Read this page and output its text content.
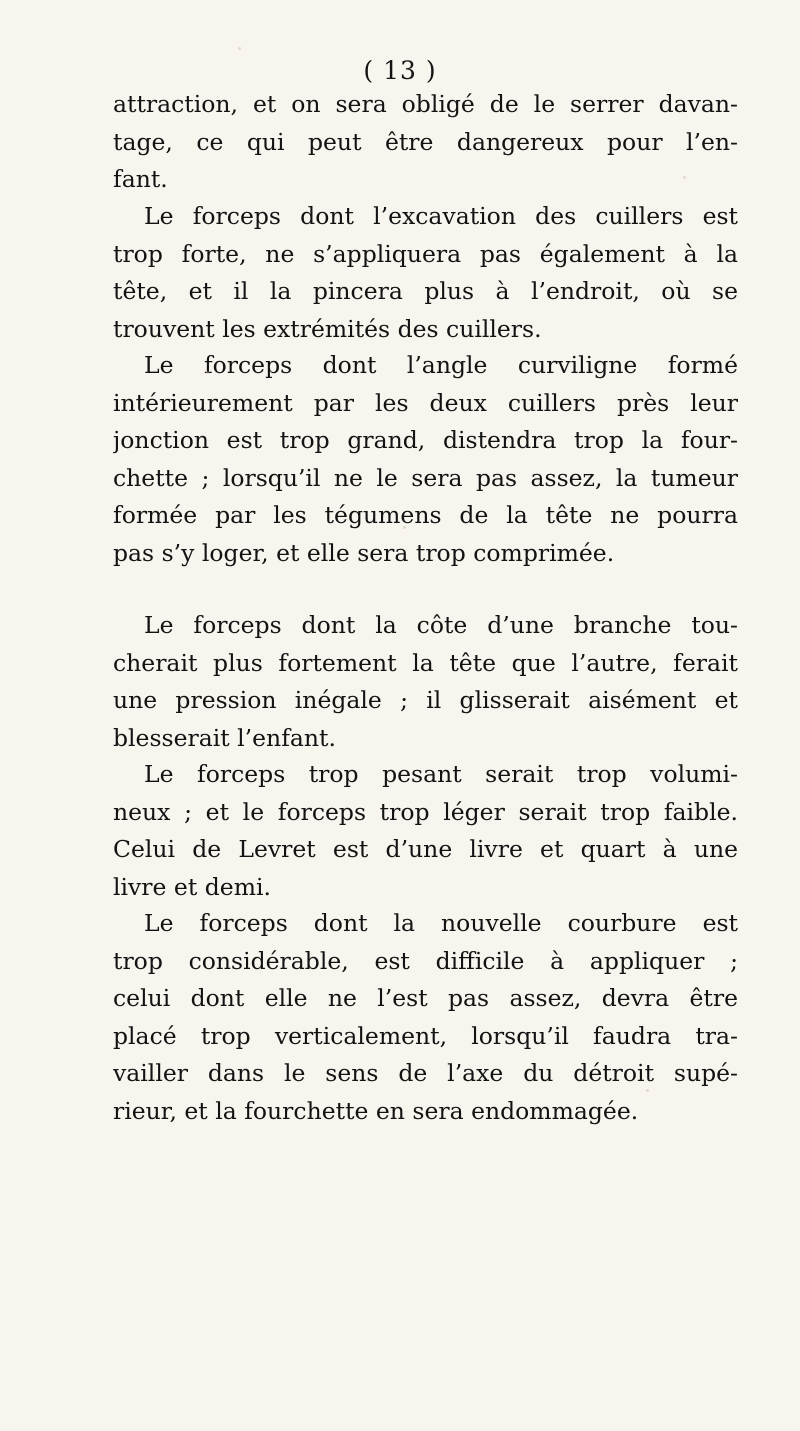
( 13 )
attraction, et on sera obligé de le serrer davan-
tage, ce qui peut être dangereux pour l’en-
fant.
Le forceps dont l’excavation des cuillers est
trop forte, ne s’appliquera pas également à la
tête, et il la pincera plus à l’endroit, où se
trouvent les extrémités des cuillers.
Le forceps dont l’angle curviligne formé
intérieurement par les deux cuillers près leur
jonction est trop grand, distendra trop la four-
chette ; lorsqu’il ne le sera pas assez, la tumeur
formée par les tégumens de la tête ne pourra
pas s’y loger, et elle sera trop comprimée.
Le forceps dont la côte d’une branche tou-
cherait plus fortement la tête que l’autre, ferait
une pression inégale ; il glisserait aisément et
blesserait l’enfant.
Le forceps trop pesant serait trop volumi-
neux ; et le forceps trop léger serait trop faible.
Celui de Levret est d’une livre et quart à une
livre et demi.
Le forceps dont la nouvelle courbure est
trop considérable, est difficile à appliquer ;
celui dont elle ne l’est pas assez, devra être
placé trop verticalement, lorsqu’il faudra tra-
vailler dans le sens de l’axe du détroit supé-
rieur, et la fourchette en sera endommagée.
